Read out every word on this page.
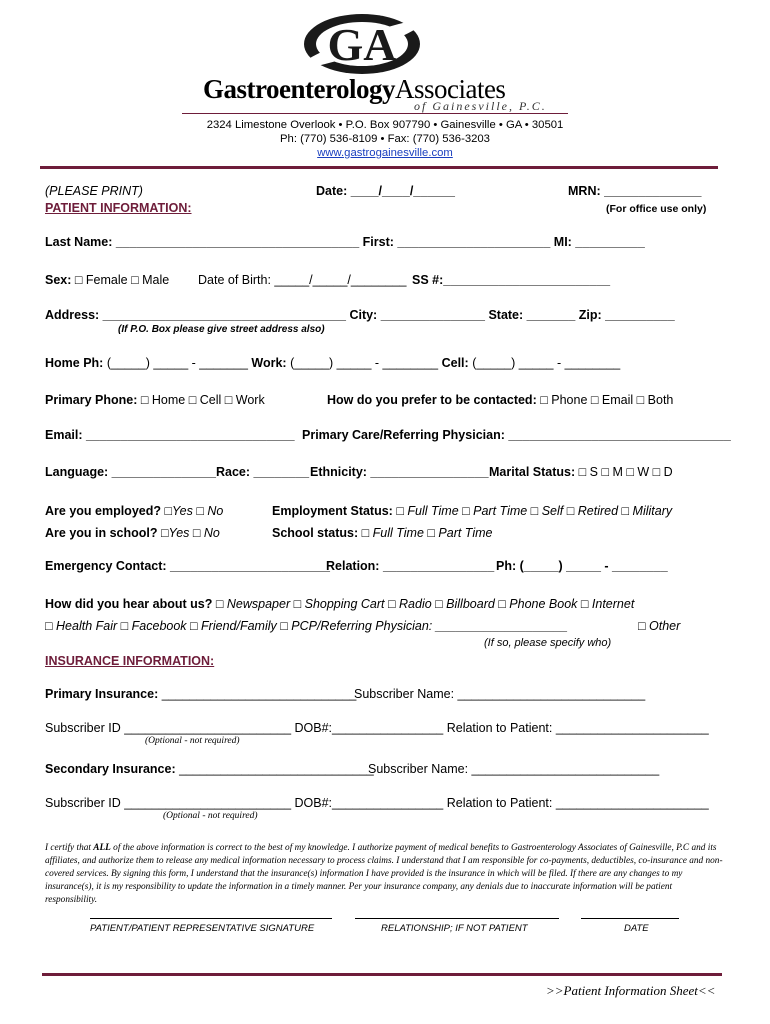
GA
GastroenterologyAssociates
of Gainesville, P.C.
2324 Limestone Overlook • P.O. Box 907790 • Gainesville • GA • 30501
Ph: (770) 536-8109 • Fax: (770) 536-3203
www.gastrogainesville.com
(PLEASE PRINT)	Date: ____/____/______	MRN: ______________
PATIENT INFORMATION:	(For office use only)
Last Name: ___________________________________ First: ______________________ MI: __________
Sex: □ Female □ Male Date of Birth: _____/_____/________ SS #:________________________
Address: ___________________________________ City: _______________ State: _______ Zip: __________
(If P.O. Box please give street address also)
Home Ph: (_____) _____ - _______ Work: (_____) _____ - ________ Cell: (_____) _____ - ________
Primary Phone: □ Home □ Cell □ Work	How do you prefer to be contacted: □ Phone □ Email □ Both
Email: ______________________________ Primary Care/Referring Physician: ________________________________
Language: _______________ Race: ________ Ethnicity: _________________ Marital Status: □ S □ M □ W □ D
Are you employed? □Yes □ No	Employment Status: □ Full Time □ Part Time □ Self □ Retired □ Military
Are you in school? □Yes □ No	School status: □ Full Time □ Part Time
Emergency Contact: _______________________
Relation: ________________ Ph: (_____) _____ - ________
How did you hear about us? □ Newspaper □ Shopping Cart □ Radio □ Billboard □ Phone Book □ Internet
□ Health Fair □ Facebook □ Friend/Family □ PCP/Referring Physician: ___________________	□ Other
(If so, please specify who)
INSURANCE INFORMATION:
Primary Insurance: ____________________________
Subscriber Name: ___________________________
Subscriber ID ________________________ DOB#:________________ Relation to Patient: ______________________
(Optional - not required)
Secondary Insurance: ____________________________
Subscriber Name: ___________________________
Subscriber ID ________________________ DOB#:________________ Relation to Patient: ______________________
(Optional - not required)
I certify that ALL of the above information is correct to the best of my knowledge. I authorize payment of medical benefits to Gastroenterology Associates of Gainesville, P.C and its affiliates, and authorize them to release any medical information necessary to process claims. I understand that I am responsible for co-payments, deductibles, co-insurance and non-covered services. By signing this form, I understand that the insurance(s) information I have provided is the insurance in which will be filed. If there are any changes to my insurance(s), it is my responsibility to update the information in a timely manner. Per your insurance company, any denials due to inaccurate information will be patient responsibility.
PATIENT/PATIENT REPRESENTATIVE SIGNATURE	RELATIONSHIP; IF NOT PATIENT	DATE
>>Patient Information Sheet<<
